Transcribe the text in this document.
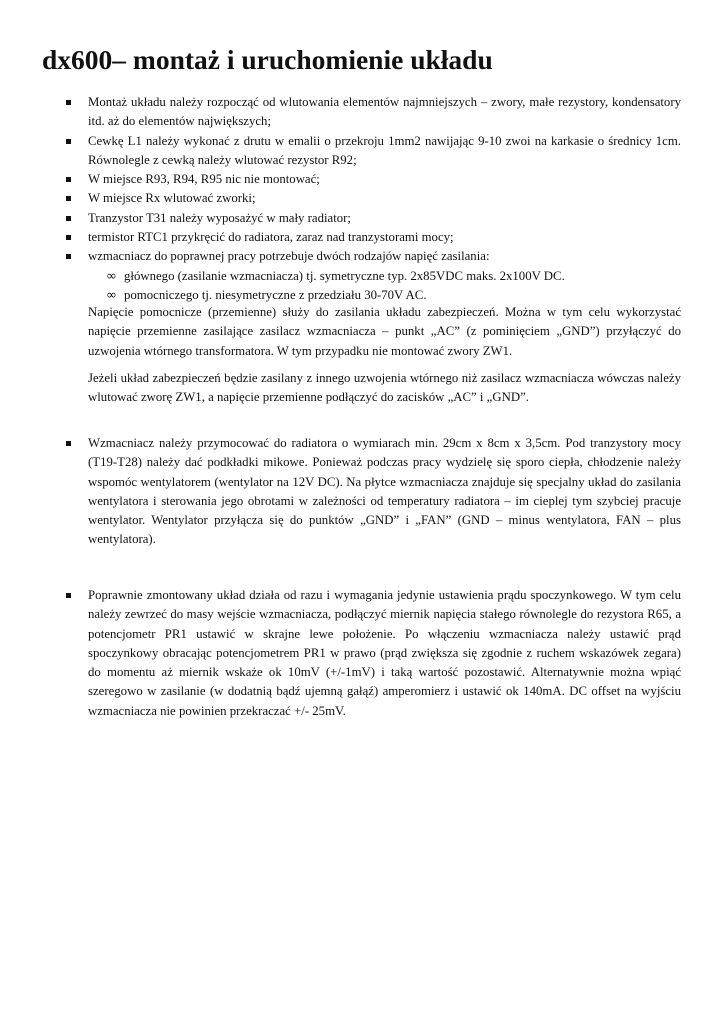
dx600– montaż i uruchomienie układu
Montaż układu należy rozpocząć od wlutowania elementów najmniejszych – zwory, małe rezystory, kondensatory itd. aż do elementów największych;
Cewkę L1 należy wykonać z drutu w emalii o przekroju 1mm2 nawijając 9-10 zwoi na karkasie o średnicy 1cm. Równolegle z cewką należy wlutować rezystor R92;
W miejsce R93, R94, R95 nic nie montować;
W miejsce Rx wlutować zworki;
Tranzystor T31 należy wyposażyć w mały radiator;
termistor RTC1 przykręcić do radiatora, zaraz nad tranzystorami mocy;
wzmacniacz do poprawnej pracy potrzebuje dwóch rodzajów napięć zasilania:
∞ głównego (zasilanie wzmacniacza) tj. symetryczne typ. 2x85VDC maks. 2x100V DC.
∞ pomocniczego tj. niesymetryczne z przedziału 30-70V AC.

Napięcie pomocnicze (przemienne) służy do zasilania układu zabezpieczeń. Można w tym celu wykorzystać napięcie przemienne zasilające zasilacz wzmacniacza – punkt „AC” (z pominięciem „GND”) przyłączyć do uzwojenia wtórnego transformatora. W tym przypadku nie montować zwory ZW1.

Jeżeli układ zabezpieczeń będzie zasilany z innego uzwojenia wtórnego niż zasilacz wzmacniacza wówczas należy wlutować zworę ZW1, a napięcie przemienne podłączyć do zacisków „AC” i „GND”.

Wzmacniacz należy przymocować do radiatora o wymiarach min. 29cm x 8cm x 3,5cm. Pod tranzystory mocy (T19-T28) należy dać podkładki mikowe. Ponieważ podczas pracy wydzielę się sporo ciepła, chłodzenie należy wspomóc wentylatorem (wentylator na 12V DC). Na płytce wzmacniacza znajduje się specjalny układ do zasilania wentylatora i sterowania jego obrotami w zależności od temperatury radiatora – im cieplej tym szybciej pracuje wentylator. Wentylator przyłącza się do punktów „GND” i „FAN” (GND – minus wentylatora, FAN – plus wentylatora).
Poprawnie zmontowany układ działa od razu i wymagania jedynie ustawienia prądu spoczynkowego. W tym celu należy zewrzeć do masy wejście wzmacniacza, podłączyć miernik napięcia stałego równolegle do rezystora R65, a potencjometr PR1 ustawić w skrajne lewe położenie. Po włączeniu wzmacniacza należy ustawić prąd spoczynkowy obracając potencjometrem PR1 w prawo (prąd zwiększa się zgodnie z ruchem wskazówek zegara) do momentu aż miernik wskaże ok 10mV (+/-1mV) i taką wartość pozostawić. Alternatywnie można wpiąć szeregowo w zasilanie (w dodatnią bądź ujemną gałąź) amperomierz i ustawić ok 140mA. DC offset na wyjściu wzmacniacza nie powinien przekraczać +/- 25mV.
